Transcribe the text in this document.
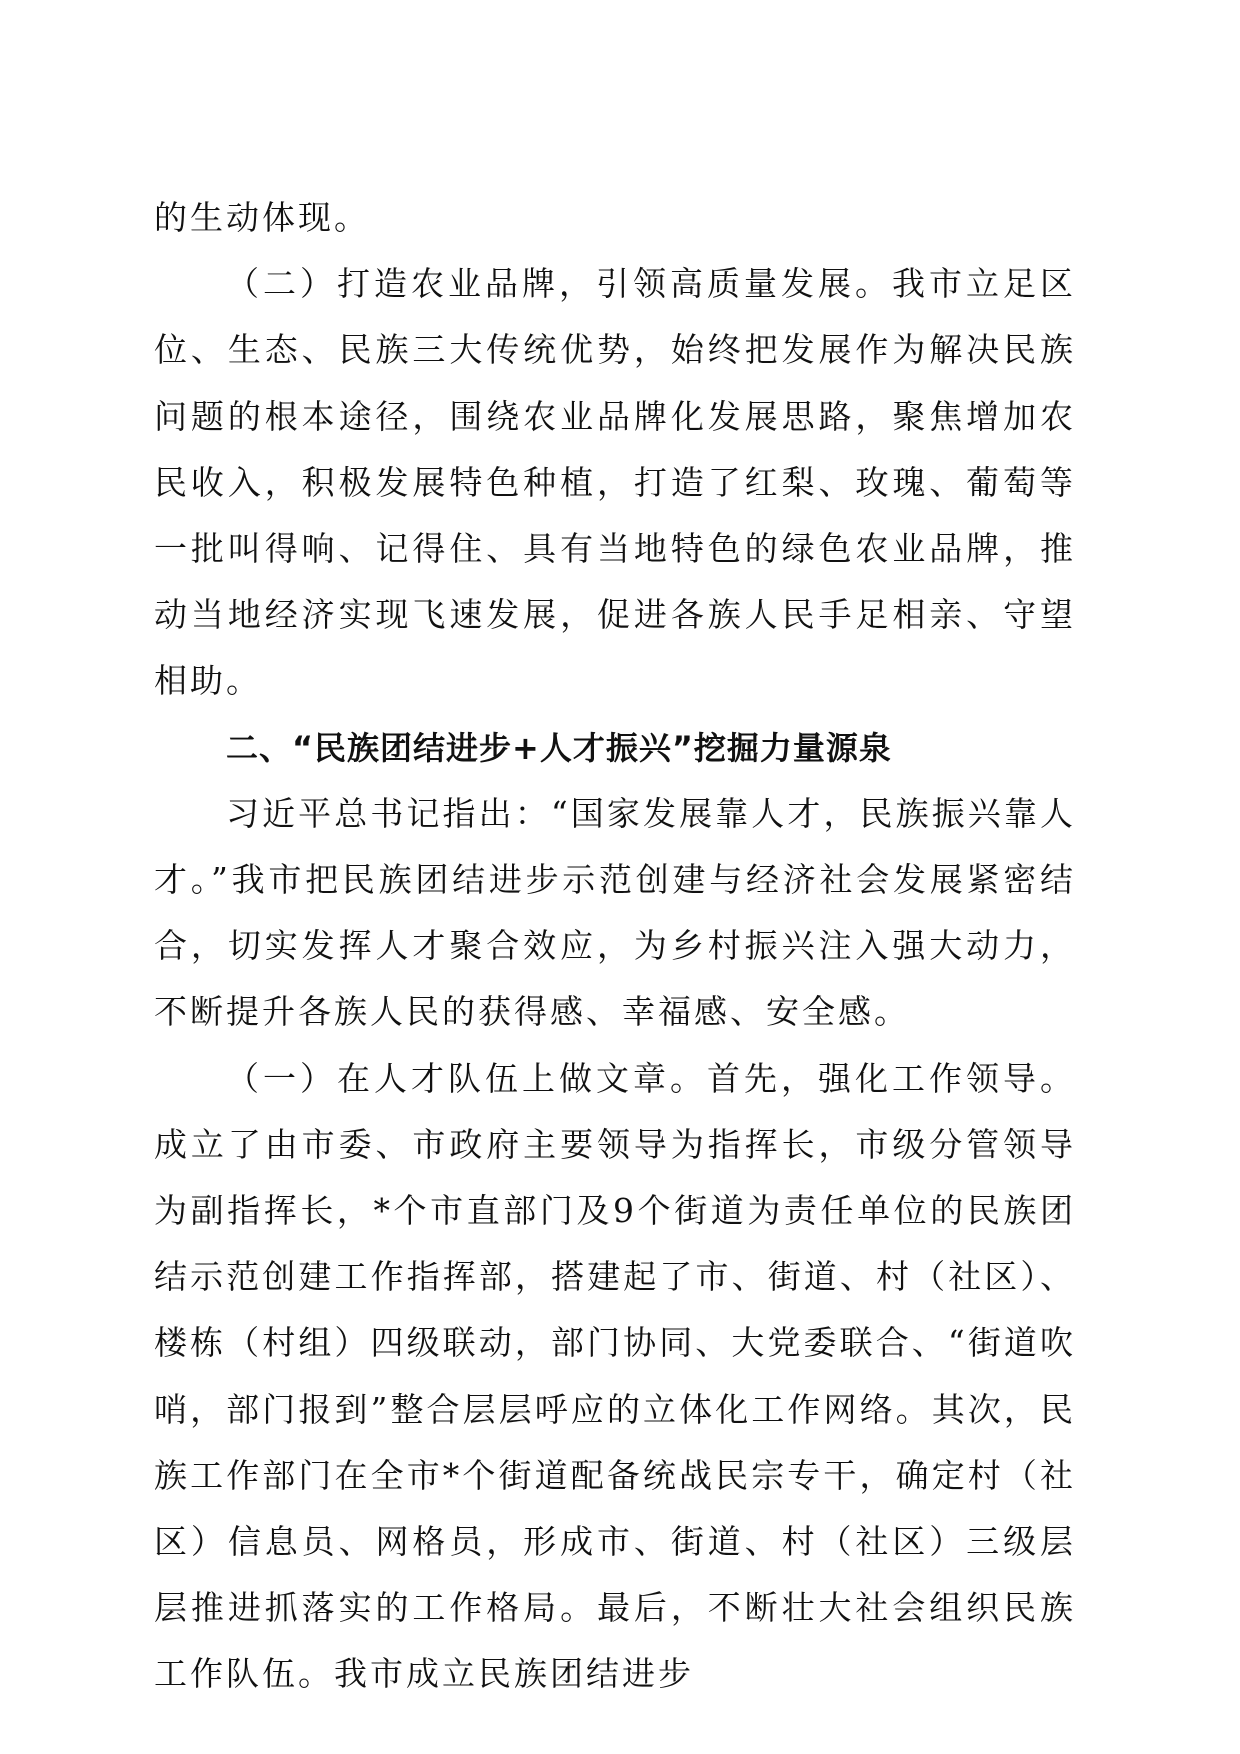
的生动体现。

（二）打造农业品牌，引领高质量发展。我市立足区位、生态、民族三大传统优势，始终把发展作为解决民族问题的根本途径，围绕农业品牌化发展思路，聚焦增加农民收入，积极发展特色种植，打造了红梨、玫瑰、葡萄等一批叫得响、记得住、具有当地特色的绿色农业品牌，推动当地经济实现飞速发展，促进各族人民手足相亲、守望相助。

二、“民族团结进步+人才振兴”挖掘力量源泉

习近平总书记指出：“国家发展靠人才，民族振兴靠人才。”我市把民族团结进步示范创建与经济社会发展紧密结合，切实发挥人才聚合效应，为乡村振兴注入强大动力，不断提升各族人民的获得感、幸福感、安全感。

（一）在人才队伍上做文章。首先，强化工作领导。成立了由市委、市政府主要领导为指挥长，市级分管领导为副指挥长，*个市直部门及9个街道为责任单位的民族团结示范创建工作指挥部，搭建起了市、街道、村（社区）、楼栋（村组）四级联动，部门协同、大党委联合、“街道吹哨，部门报到”整合层层呼应的立体化工作网络。其次，民族工作部门在全市*个街道配备统战民宗专干，确定村（社区）信息员、网格员，形成市、街道、村（社区）三级层层推进抓落实的工作格局。最后，不断壮大社会组织民族工作队伍。我市成立民族团结进步
